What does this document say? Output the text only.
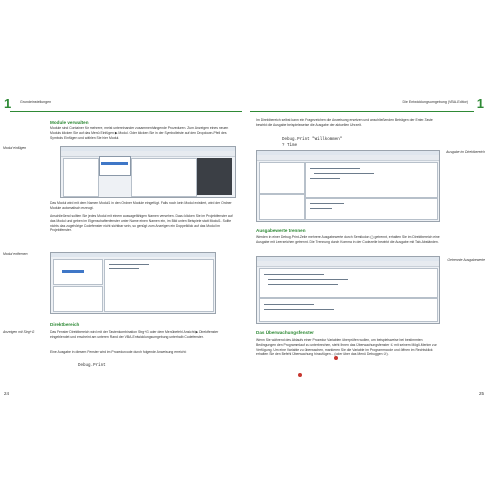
1 Grundeinstellungen
Module verwalten
Module sind Container für mehrere, meist untereinander zusammenhängende Prozeduren. Zum Anzeigen eines neuen Moduls klicken Sie auf das Menü Einfügen ▶ Modul. Oder klicken Sie in der Symbolleiste auf den Dropdown-Pfeil des Symbols Einfügen und wählen Sie hier Modul.
Modul einfügen
Das Modul wird mit dem Namen Modul1 in den Ordner Module eingefügt. Falls noch kein Modul existiert, wird der Ordner Module automatisch erzeugt.
Anschließend sollten Sie jedes Modul mit einem aussagefähigen Namen versehen. Dazu klicken Sie im Projektfenster auf das Modul und geben im Eigenschaftenfenster unter Name einen Namen ein, im Bild unten Beispiele statt Modul1. Sollte nichts das zugehörige Codefenster nicht sichtbar sein, so genügt zum Anzeigen ein Doppelklick auf das Modul im Projektfenster.
Modul entfernen
Direktbereich
Anzeigen mit Strg+G	Das Fenster Direktbereich wird mit der Tastenkombination Strg+G oder dem Menübefehl Ansicht ▶ Direktfenster eingeblendet und erscheint am unteren Rand der VBA-Entwicklungsumgebung unterhalb Codefenster.
Eine Ausgabe in diesem Fenster wird im Prozedurcode durch folgende Anweisung erreicht:
Debug.Print
24
Die Entwicklungsumgebung (VBA-Editor) 1
Im Direktbereich selbst kann ein Fragezeichen die Anweisung ersetzen und anschließenden Beträgen der Enter-Taste bewirkt die Ausgabe beispielsweise die Ausgabe der aktuellen Uhrzeit.
Debug.Print "Willkommen"
? Time
Ausgabe im Direktbereich
Ausgabewerte trennen
Getrennte Ausgabewerte
Werden in einer Debug.Print-Zeile mehrere Ausgabewerte durch Semikolon (;) getrennt, erhalten Sie im Direktbereich eine Ausgabe mit Leerzeichen getrennt. Die Trennung durch Komma in der Codezeile bewirkt die Ausgabe mit Tab-Abständen.
Das Überwachungsfenster
Wenn Sie während des Ablaufs einer Prozedur Variablen überprüfen wollen, um beispielsweise bei bestimmten Bedingungen den Programmlauf zu unterbrechen, steht Ihnen das Überwachungsfenster ① mit seinem Mögli-Merkm zur Verfügung. Um eine Variable zu überwachen, markieren Sie die Variable im Programmcode und öffnen im Rechtsklick erhalten Sie den Befehl Überwachung hinzufügen... (oder über das Menü Debuggen ②).
25
